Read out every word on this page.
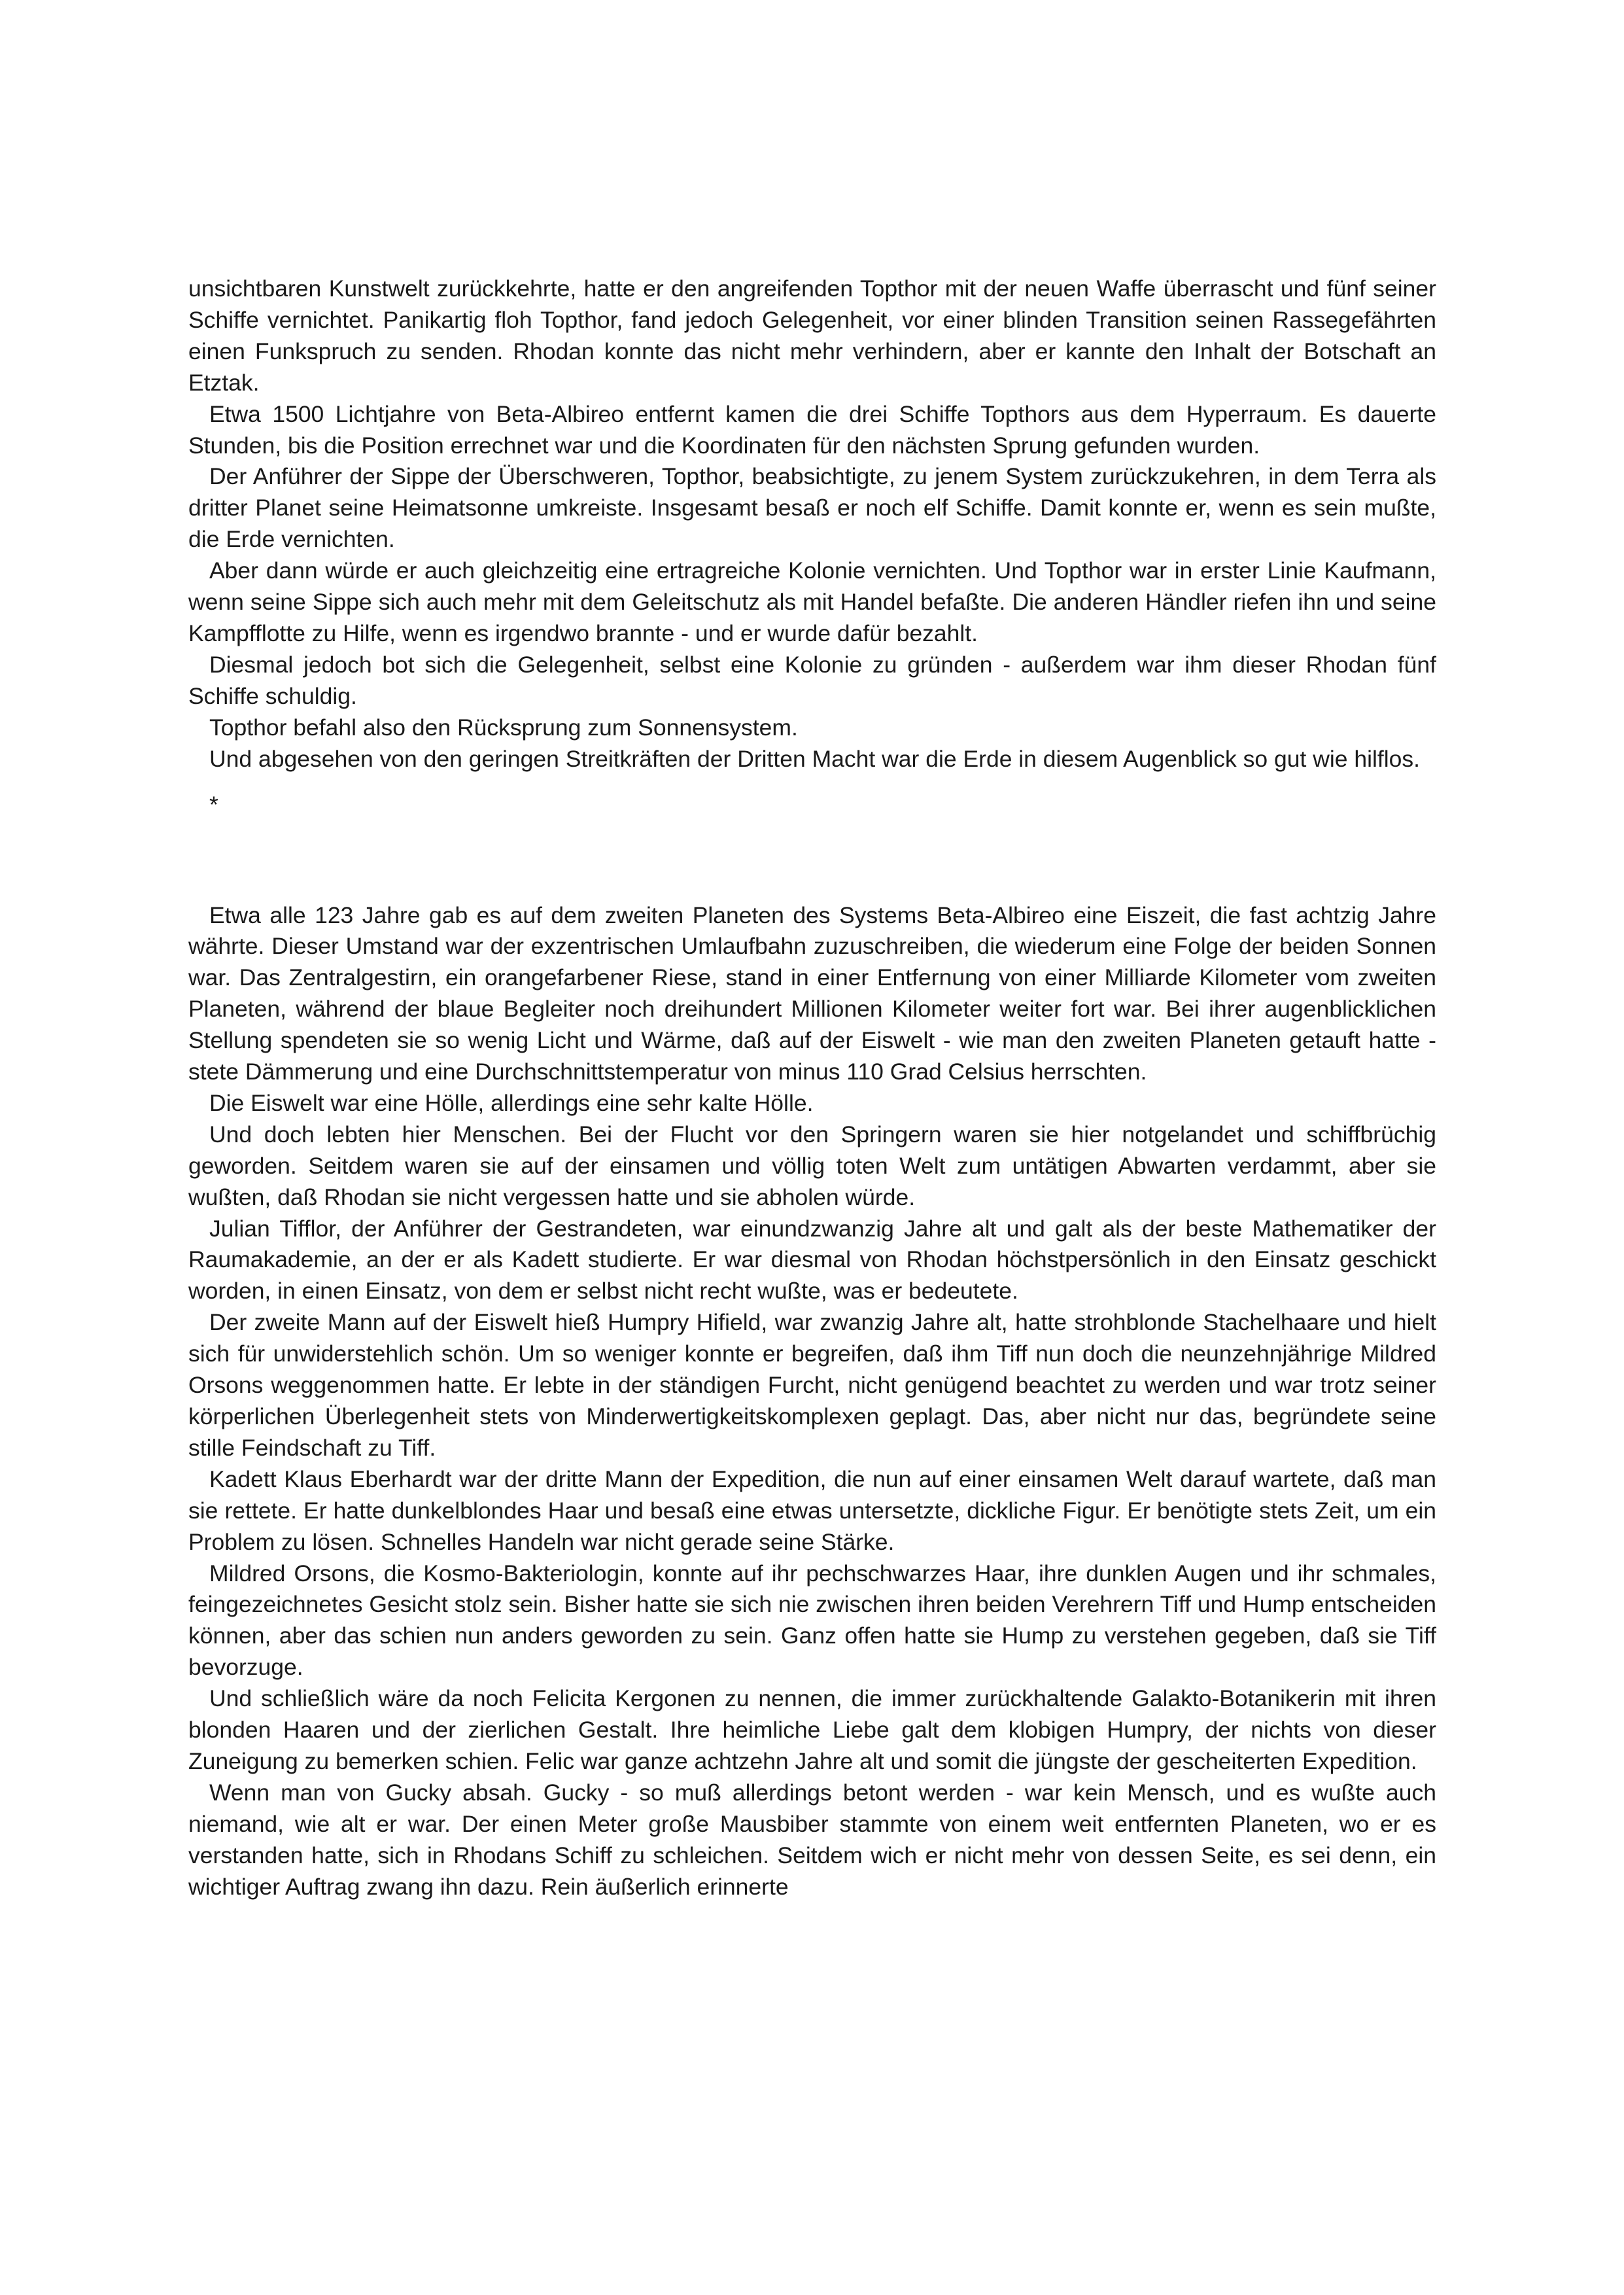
unsichtbaren Kunstwelt zurückkehrte, hatte er den angreifenden Topthor mit der neuen Waffe überrascht und fünf seiner Schiffe vernichtet. Panikartig floh Topthor, fand jedoch Gelegenheit, vor einer blinden Transition seinen Rassegefährten einen Funkspruch zu senden. Rhodan konnte das nicht mehr verhindern, aber er kannte den Inhalt der Botschaft an Etztak.

Etwa 1500 Lichtjahre von Beta-Albireo entfernt kamen die drei Schiffe Topthors aus dem Hyperraum. Es dauerte Stunden, bis die Position errechnet war und die Koordinaten für den nächsten Sprung gefunden wurden.

Der Anführer der Sippe der Überschweren, Topthor, beabsichtigte, zu jenem System zurückzukehren, in dem Terra als dritter Planet seine Heimatsonne umkreiste. Insgesamt besaß er noch elf Schiffe. Damit konnte er, wenn es sein mußte, die Erde vernichten.

Aber dann würde er auch gleichzeitig eine ertragreiche Kolonie vernichten. Und Topthor war in erster Linie Kaufmann, wenn seine Sippe sich auch mehr mit dem Geleitschutz als mit Handel befaßte. Die anderen Händler riefen ihn und seine Kampfflotte zu Hilfe, wenn es irgendwo brannte - und er wurde dafür bezahlt.

Diesmal jedoch bot sich die Gelegenheit, selbst eine Kolonie zu gründen - außerdem war ihm dieser Rhodan fünf Schiffe schuldig.

Topthor befahl also den Rücksprung zum Sonnensystem.

Und abgesehen von den geringen Streitkräften der Dritten Macht war die Erde in diesem Augenblick so gut wie hilflos.

*

Etwa alle 123 Jahre gab es auf dem zweiten Planeten des Systems Beta-Albireo eine Eiszeit, die fast achtzig Jahre währte. Dieser Umstand war der exzentrischen Umlaufbahn zuzuschreiben, die wiederum eine Folge der beiden Sonnen war. Das Zentralgestirn, ein orangefarbener Riese, stand in einer Entfernung von einer Milliarde Kilometer vom zweiten Planeten, während der blaue Begleiter noch dreihundert Millionen Kilometer weiter fort war. Bei ihrer augenblicklichen Stellung spendeten sie so wenig Licht und Wärme, daß auf der Eiswelt - wie man den zweiten Planeten getauft hatte - stete Dämmerung und eine Durchschnittstemperatur von minus 110 Grad Celsius herrschten.

Die Eiswelt war eine Hölle, allerdings eine sehr kalte Hölle.

Und doch lebten hier Menschen. Bei der Flucht vor den Springern waren sie hier notgelandet und schiffbrüchig geworden. Seitdem waren sie auf der einsamen und völlig toten Welt zum untätigen Abwarten verdammt, aber sie wußten, daß Rhodan sie nicht vergessen hatte und sie abholen würde.

Julian Tifflor, der Anführer der Gestrandeten, war einundzwanzig Jahre alt und galt als der beste Mathematiker der Raumakademie, an der er als Kadett studierte. Er war diesmal von Rhodan höchstpersönlich in den Einsatz geschickt worden, in einen Einsatz, von dem er selbst nicht recht wußte, was er bedeutete.

Der zweite Mann auf der Eiswelt hieß Humpry Hifield, war zwanzig Jahre alt, hatte strohblonde Stachelhaare und hielt sich für unwiderstehlich schön. Um so weniger konnte er begreifen, daß ihm Tiff nun doch die neunzehnjährige Mildred Orsons weggenommen hatte. Er lebte in der ständigen Furcht, nicht genügend beachtet zu werden und war trotz seiner körperlichen Überlegenheit stets von Minderwertigkeitskomplexen geplagt. Das, aber nicht nur das, begründete seine stille Feindschaft zu Tiff.

Kadett Klaus Eberhardt war der dritte Mann der Expedition, die nun auf einer einsamen Welt darauf wartete, daß man sie rettete. Er hatte dunkelblondes Haar und besaß eine etwas untersetzte, dickliche Figur. Er benötigte stets Zeit, um ein Problem zu lösen. Schnelles Handeln war nicht gerade seine Stärke.

Mildred Orsons, die Kosmo-Bakteriologin, konnte auf ihr pechschwarzes Haar, ihre dunklen Augen und ihr schmales, feingezeichnetes Gesicht stolz sein. Bisher hatte sie sich nie zwischen ihren beiden Verehrern Tiff und Hump entscheiden können, aber das schien nun anders geworden zu sein. Ganz offen hatte sie Hump zu verstehen gegeben, daß sie Tiff bevorzuge.

Und schließlich wäre da noch Felicita Kergonen zu nennen, die immer zurückhaltende Galakto-Botanikerin mit ihren blonden Haaren und der zierlichen Gestalt. Ihre heimliche Liebe galt dem klobigen Humpry, der nichts von dieser Zuneigung zu bemerken schien. Felic war ganze achtzehn Jahre alt und somit die jüngste der gescheiterten Expedition.

Wenn man von Gucky absah. Gucky - so muß allerdings betont werden - war kein Mensch, und es wußte auch niemand, wie alt er war. Der einen Meter große Mausbiber stammte von einem weit entfernten Planeten, wo er es verstanden hatte, sich in Rhodans Schiff zu schleichen. Seitdem wich er nicht mehr von dessen Seite, es sei denn, ein wichtiger Auftrag zwang ihn dazu. Rein äußerlich erinnerte
